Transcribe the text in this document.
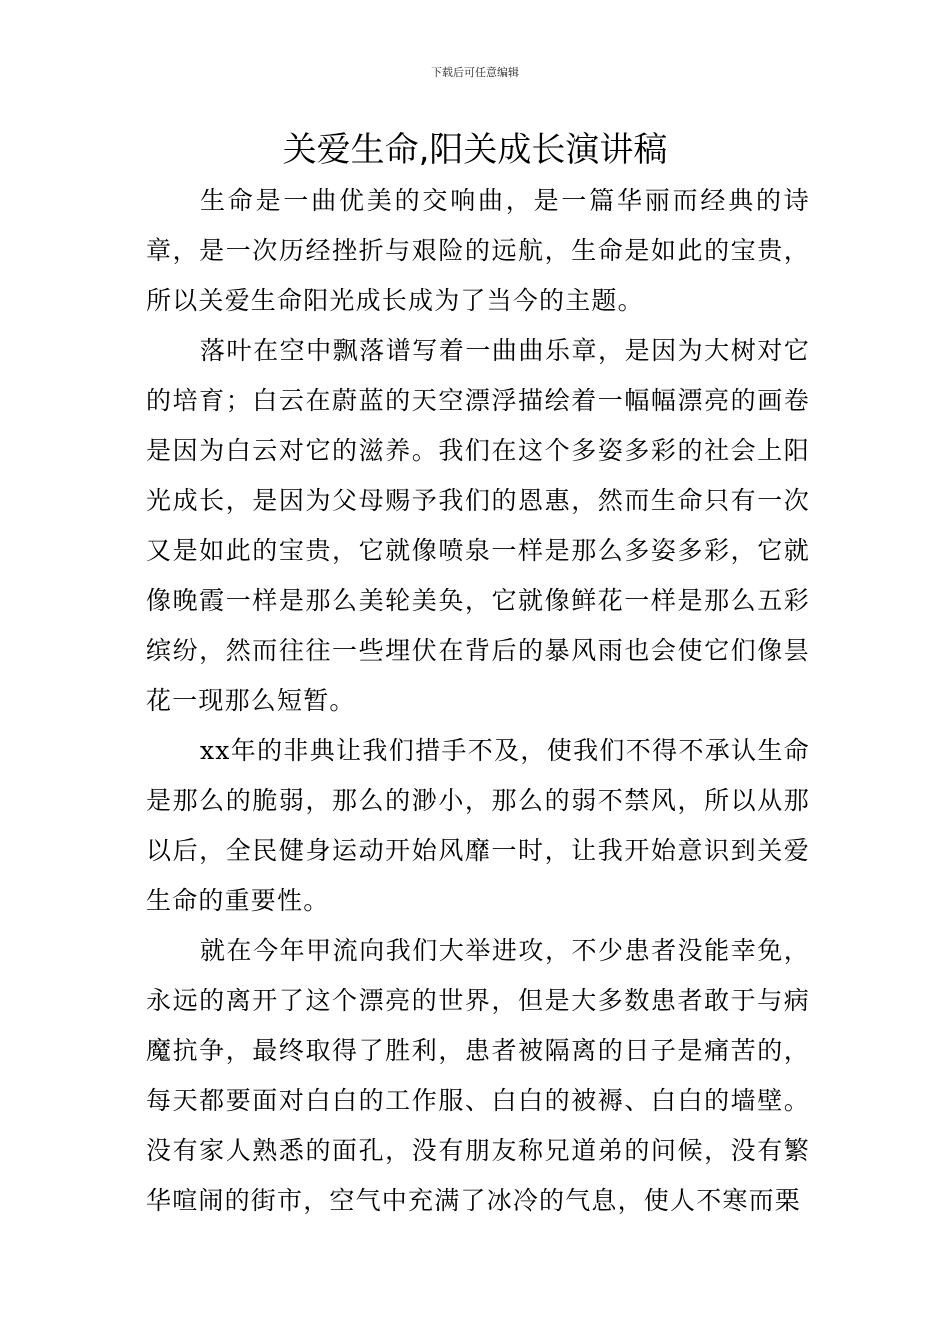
下载后可任意编辑
关爱生命,阳关成长演讲稿

生命是一曲优美的交响曲，是一篇华丽而经典的诗章，是一次历经挫折与艰险的远航，生命是如此的宝贵，所以关爱生命阳光成长成为了当今的主题。

落叶在空中飘落谱写着一曲曲乐章，是因为大树对它的培育；白云在蔚蓝的天空漂浮描绘着一幅幅漂亮的画卷是因为白云对它的滋养。我们在这个多姿多彩的社会上阳光成长，是因为父母赐予我们的恩惠，然而生命只有一次又是如此的宝贵，它就像喷泉一样是那么多姿多彩，它就像晚霞一样是那么美轮美奂，它就像鲜花一样是那么五彩缤纷，然而往往一些埋伏在背后的暴风雨也会使它们像昙花一现那么短暂。

xx年的非典让我们措手不及，使我们不得不承认生命是那么的脆弱，那么的渺小，那么的弱不禁风，所以从那以后，全民健身运动开始风靡一时，让我开始意识到关爱生命的重要性。

就在今年甲流向我们大举进攻，不少患者没能幸免，永远的离开了这个漂亮的世界，但是大多数患者敢于与病魔抗争，最终取得了胜利，患者被隔离的日子是痛苦的，每天都要面对白白的工作服、白白的被褥、白白的墙壁。没有家人熟悉的面孔，没有朋友称兄道弟的问候，没有繁华喧闹的街市，空气中充满了冰冷的气息，使人不寒而栗
